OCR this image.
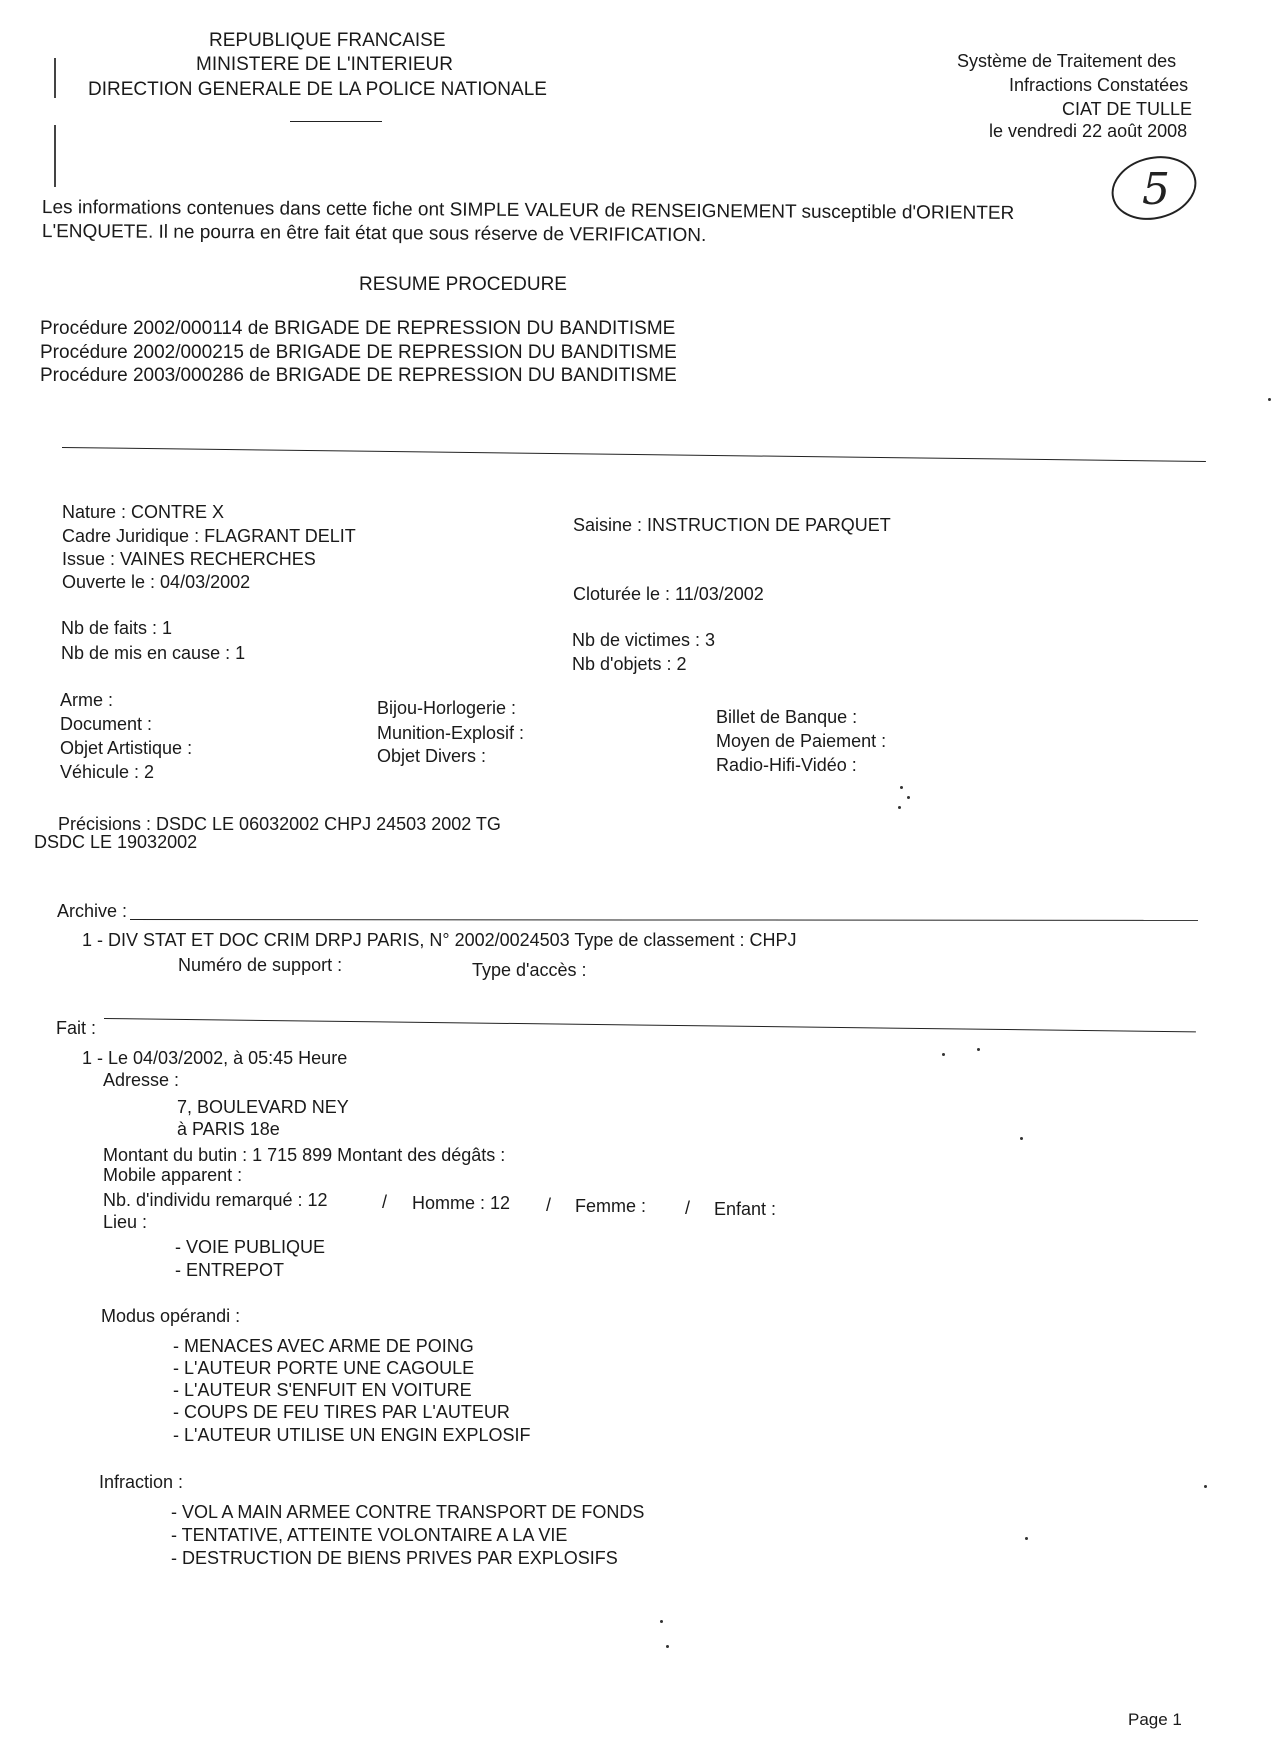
REPUBLIQUE FRANCAISE
MINISTERE DE L'INTERIEUR
DIRECTION GENERALE DE LA POLICE NATIONALE
Système de Traitement des
Infractions Constatées
CIAT DE TULLE
le vendredi 22 août 2008
5
Les informations contenues dans cette fiche ont SIMPLE VALEUR de RENSEIGNEMENT susceptible d'ORIENTER
L'ENQUETE. Il ne pourra en être fait état que sous réserve de VERIFICATION.
RESUME PROCEDURE
Procédure 2002/000114 de BRIGADE DE REPRESSION DU BANDITISME
Procédure 2002/000215 de BRIGADE DE REPRESSION DU BANDITISME
Procédure 2003/000286 de BRIGADE DE REPRESSION DU BANDITISME
Nature : CONTRE X
Cadre Juridique : FLAGRANT DELIT
Issue : VAINES RECHERCHES
Ouverte le : 04/03/2002
Saisine : INSTRUCTION DE PARQUET
Cloturée le : 11/03/2002
Nb de faits : 1
Nb de mis en cause : 1
Nb de victimes : 3
Nb d'objets : 2
Arme :
Document :
Objet Artistique :
Véhicule : 2
Bijou-Horlogerie :
Munition-Explosif :
Objet Divers :
Billet de Banque :
Moyen de Paiement :
Radio-Hifi-Vidéo :
Précisions : DSDC LE 06032002 CHPJ 24503 2002 TG
DSDC LE 19032002
Archive :
1 - DIV STAT ET DOC CRIM DRPJ PARIS, N° 2002/0024503 Type de classement : CHPJ
Numéro de support :	Type d'accès :
Fait :
1 - Le 04/03/2002, à 05:45 Heure
Adresse :
7, BOULEVARD NEY
à PARIS 18e
Montant du butin : 1 715 899 Montant des dégâts :
Mobile apparent :
Nb. d'individu remarqué : 12	/ Homme : 12 / Femme : / Enfant :
Lieu :
- VOIE PUBLIQUE
- ENTREPOT
Modus opérandi :
- MENACES AVEC ARME DE POING
- L'AUTEUR PORTE UNE CAGOULE
- L'AUTEUR S'ENFUIT EN VOITURE
- COUPS DE FEU TIRES PAR L'AUTEUR
- L'AUTEUR UTILISE UN ENGIN EXPLOSIF
Infraction :
- VOL A MAIN ARMEE CONTRE TRANSPORT DE FONDS
- TENTATIVE, ATTEINTE VOLONTAIRE A LA VIE
- DESTRUCTION DE BIENS PRIVES PAR EXPLOSIFS
Page 1
